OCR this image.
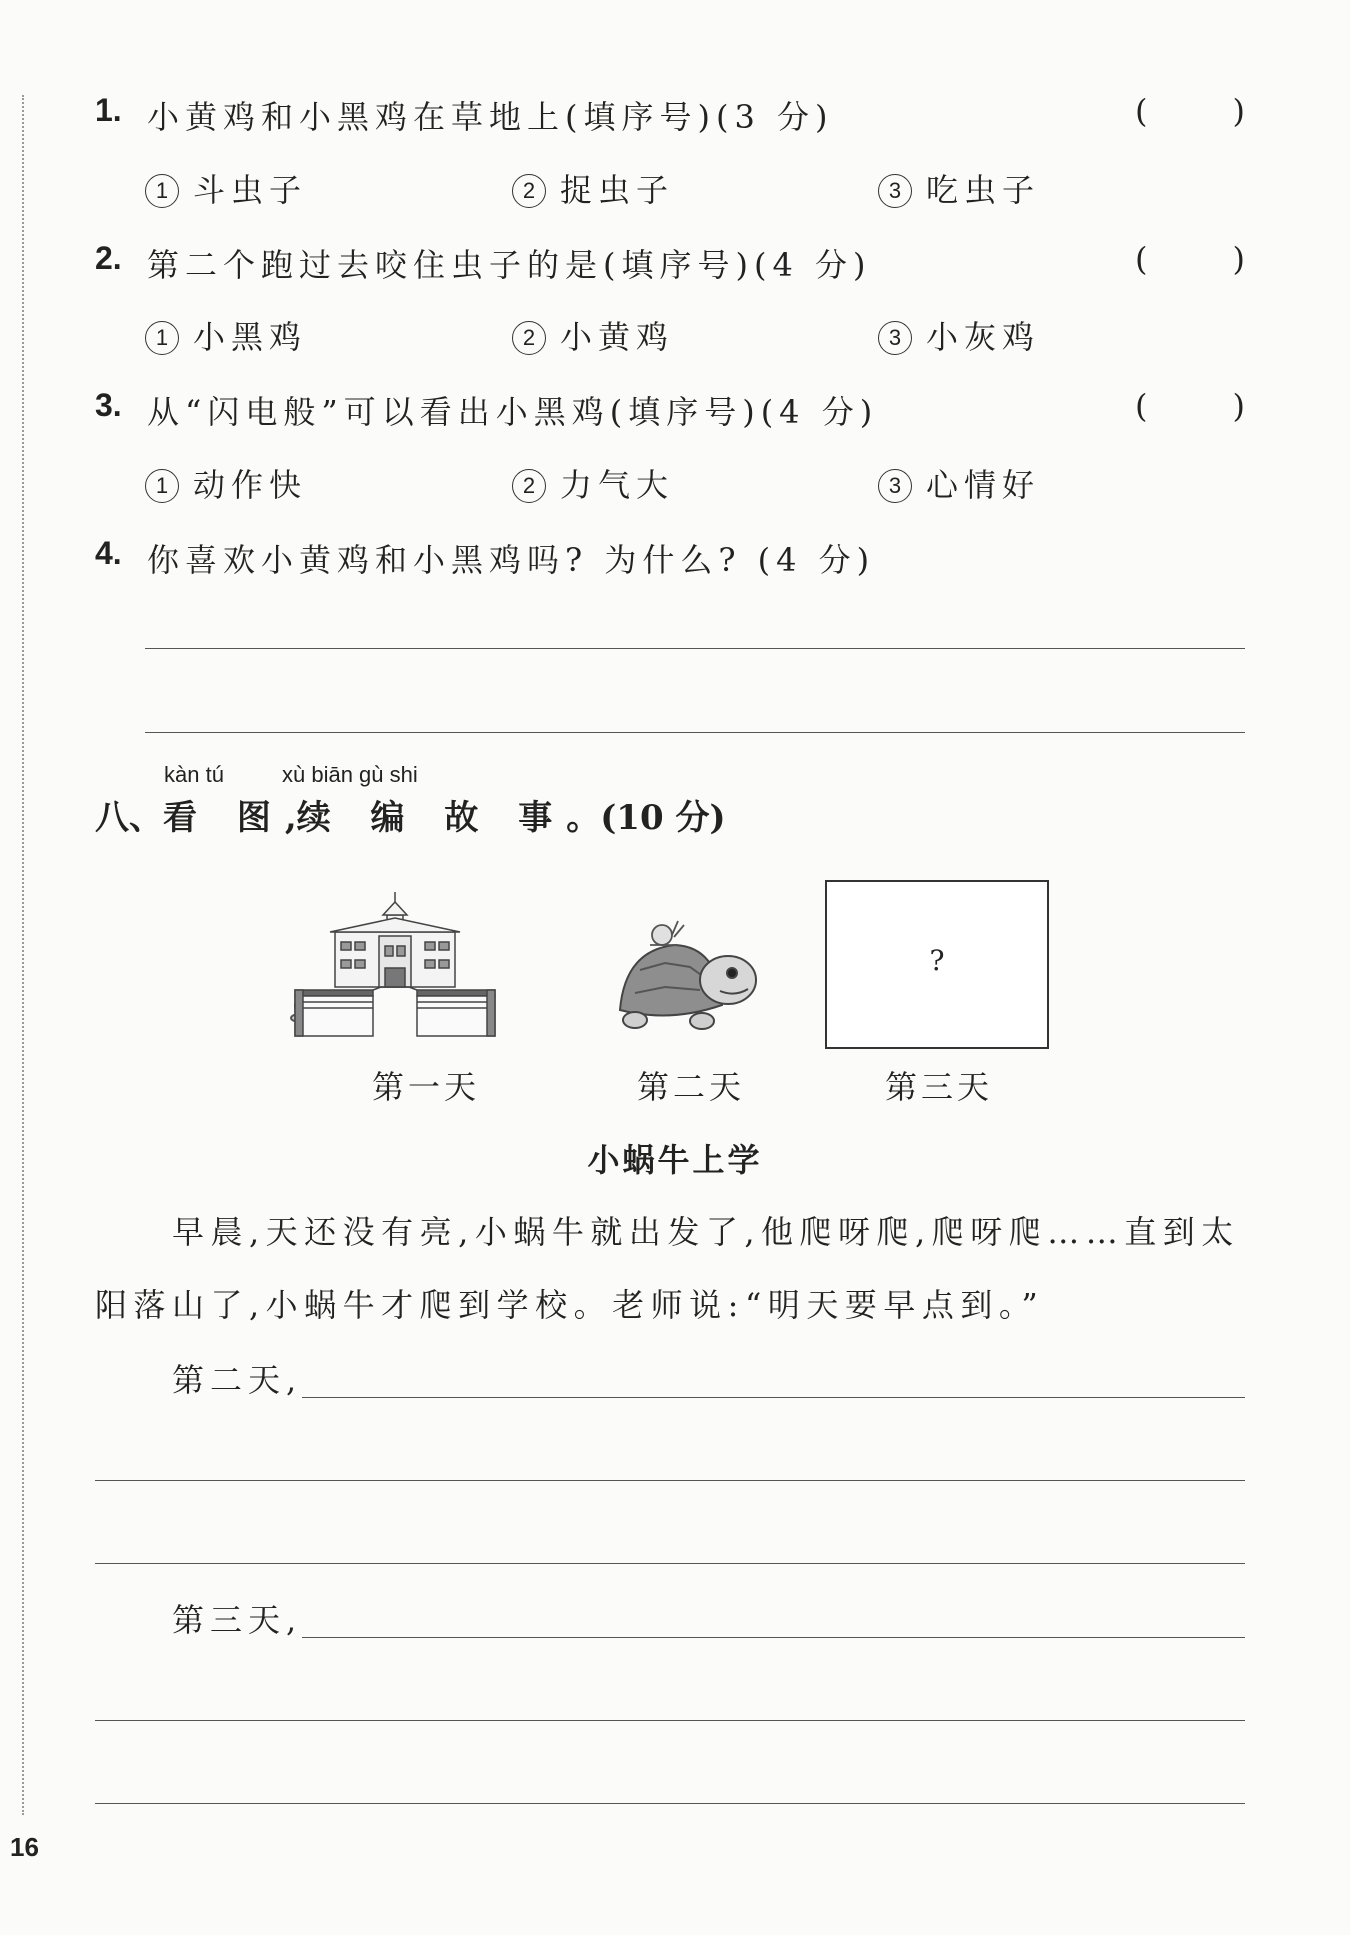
1. 小黄鸡和小黑鸡在草地上(填序号)(3 分)	(	)
1 斗虫子	2 捉虫子	3 吃虫子
2. 第二个跑过去咬住虫子的是(填序号)(4 分)	(	)
1 小黑鸡	2 小黄鸡	3 小灰鸡
3. 从“闪电般”可以看出小黑鸡(填序号)(4 分)	(	)
1 动作快	2 力气大	3 心情好
4. 你喜欢小黄鸡和小黑鸡吗? 为什么? (4 分)
kàn tú	xù biān gù shi
八、看 图,续 编 故 事。(10 分)
?
第一天	第二天	第三天
小蜗牛上学
早晨,天还没有亮,小蜗牛就出发了,他爬呀爬,爬呀爬……直到太
阳落山了,小蜗牛才爬到学校。老师说:“明天要早点到。”
第二天,
第三天,
16
